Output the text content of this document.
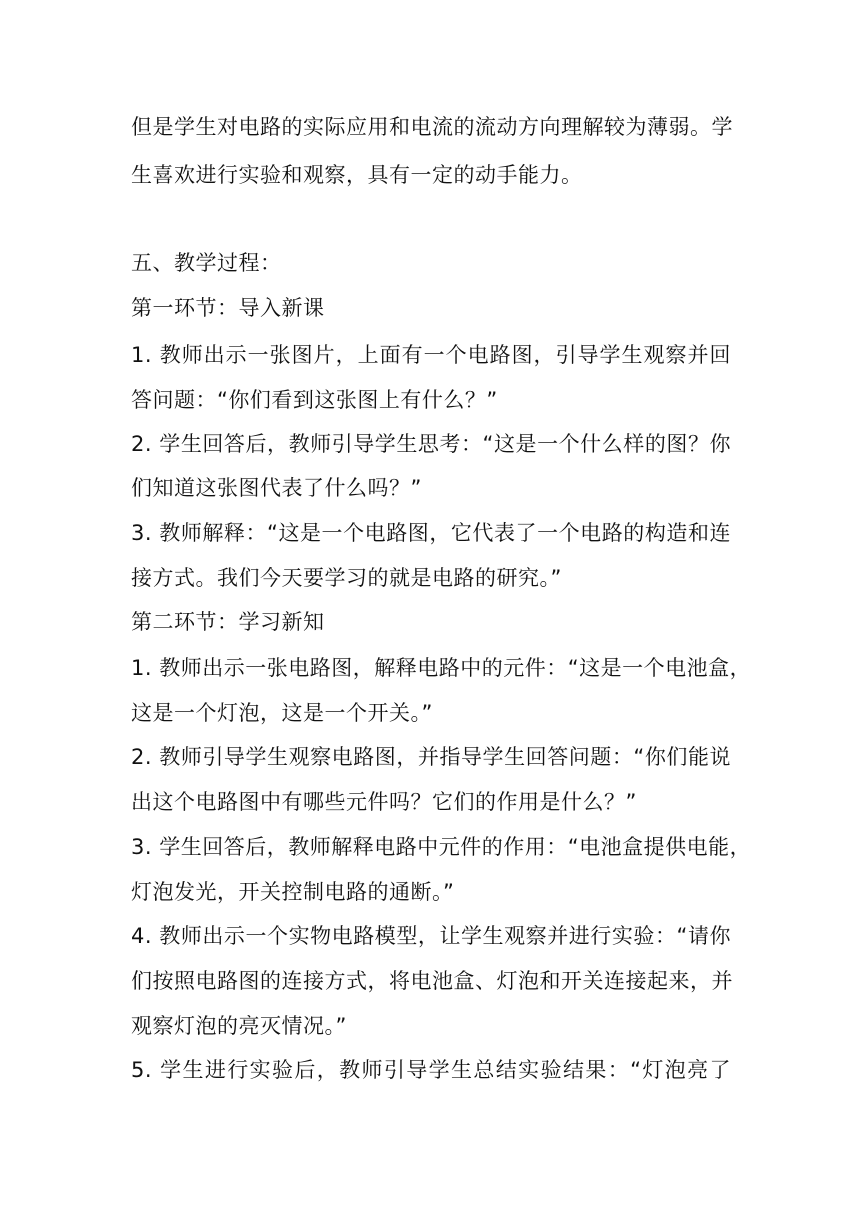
但是学生对电路的实际应用和电流的流动方向理解较为薄弱。学
生喜欢进行实验和观察，具有一定的动手能力。
五、教学过程：
第一环节：导入新课
1. 教师出示一张图片，上面有一个电路图，引导学生观察并回
答问题：“你们看到这张图上有什么？”
2. 学生回答后，教师引导学生思考：“这是一个什么样的图？你
们知道这张图代表了什么吗？”
3. 教师解释：“这是一个电路图，它代表了一个电路的构造和连
接方式。我们今天要学习的就是电路的研究。”
第二环节：学习新知
1. 教师出示一张电路图，解释电路中的元件：“这是一个电池盒，
这是一个灯泡，这是一个开关。”
2. 教师引导学生观察电路图，并指导学生回答问题：“你们能说
出这个电路图中有哪些元件吗？它们的作用是什么？”
3. 学生回答后，教师解释电路中元件的作用：“电池盒提供电能，
灯泡发光，开关控制电路的通断。”
4. 教师出示一个实物电路模型，让学生观察并进行实验：“请你
们按照电路图的连接方式，将电池盒、灯泡和开关连接起来，并
观察灯泡的亮灭情况。”
5. 学生进行实验后，教师引导学生总结实验结果：“灯泡亮了
